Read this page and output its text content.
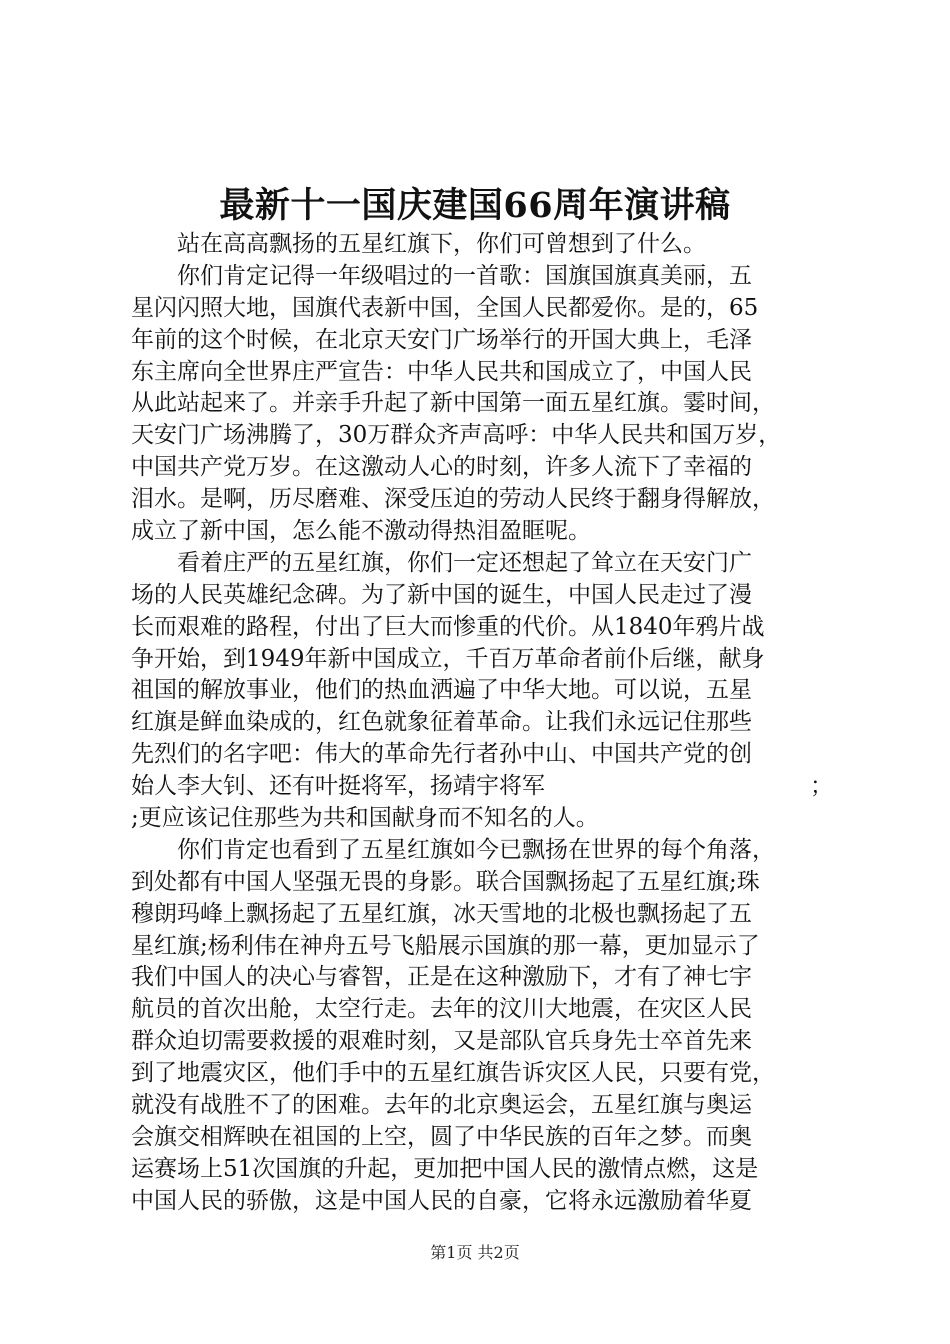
最新十一国庆建国66周年演讲稿

站在高高飘扬的五星红旗下，你们可曾想到了什么。

你们肯定记得一年级唱过的一首歌：国旗国旗真美丽，五

星闪闪照大地，国旗代表新中国，全国人民都爱你。是的，65

年前的这个时候，在北京天安门广场举行的开国大典上，毛泽

东主席向全世界庄严宣告：中华人民共和国成立了，中国人民

从此站起来了。并亲手升起了新中国第一面五星红旗。霎时间，

天安门广场沸腾了，30万群众齐声高呼：中华人民共和国万岁，

中国共产党万岁。在这激动人心的时刻，许多人流下了幸福的

泪水。是啊，历尽磨难、深受压迫的劳动人民终于翻身得解放，

成立了新中国，怎么能不激动得热泪盈眶呢。

看着庄严的五星红旗，你们一定还想起了耸立在天安门广

场的人民英雄纪念碑。为了新中国的诞生，中国人民走过了漫

长而艰难的路程，付出了巨大而惨重的代价。从1840年鸦片战

争开始，到1949年新中国成立，千百万革命者前仆后继，献身

祖国的解放事业，他们的热血洒遍了中华大地。可以说，五星

红旗是鲜血染成的，红色就象征着革命。让我们永远记住那些

先烈们的名字吧：伟大的革命先行者孙中山、中国共产党的创

始人李大钊、还有叶挺将军，扬靖宇将军	；

;更应该记住那些为共和国献身而不知名的人。

你们肯定也看到了五星红旗如今已飘扬在世界的每个角落，

到处都有中国人坚强无畏的身影。联合国飘扬起了五星红旗;珠

穆朗玛峰上飘扬起了五星红旗，冰天雪地的北极也飘扬起了五

星红旗;杨利伟在神舟五号飞船展示国旗的那一幕，更加显示了

我们中国人的决心与睿智，正是在这种激励下，才有了神七宇

航员的首次出舱，太空行走。去年的汶川大地震，在灾区人民

群众迫切需要救援的艰难时刻，又是部队官兵身先士卒首先来

到了地震灾区，他们手中的五星红旗告诉灾区人民，只要有党，

就没有战胜不了的困难。去年的北京奥运会，五星红旗与奥运

会旗交相辉映在祖国的上空，圆了中华民族的百年之梦。而奥

运赛场上51次国旗的升起，更加把中国人民的激情点燃，这是

中国人民的骄傲，这是中国人民的自豪，它将永远激励着华夏

第1页 共2页
